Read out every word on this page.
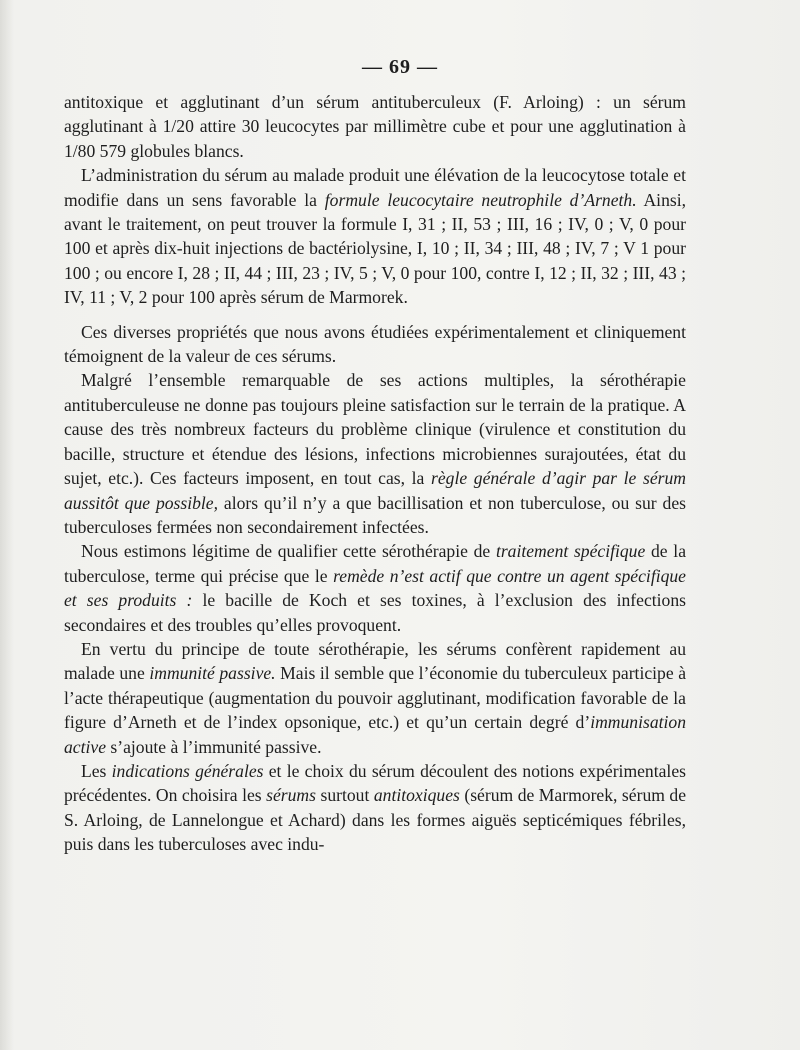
— 69 —

antitoxique et agglutinant d’un sérum antituberculeux (F. Arloing) : un sérum agglutinant à 1/20 attire 30 leucocytes par millimètre cube et pour une agglutination à 1/80 579 globules blancs.

L’administration du sérum au malade produit une élévation de la leucocytose totale et modifie dans un sens favorable la formule leucocytaire neutrophile d’Arneth. Ainsi, avant le traitement, on peut trouver la formule I, 31 ; II, 53 ; III, 16 ; IV, 0 ; V, 0 pour 100 et après dix-huit injections de bactériolysine, I, 10 ; II, 34 ; III, 48 ; IV, 7 ; V 1 pour 100 ; ou encore I, 28 ; II, 44 ; III, 23 ; IV, 5 ; V, 0 pour 100, contre I, 12 ; II, 32 ; III, 43 ; IV, 11 ; V, 2 pour 100 après sérum de Marmorek.

Ces diverses propriétés que nous avons étudiées expérimentalement et cliniquement témoignent de la valeur de ces sérums.

Malgré l’ensemble remarquable de ses actions multiples, la sérothérapie antituberculeuse ne donne pas toujours pleine satisfaction sur le terrain de la pratique. A cause des très nombreux facteurs du problème clinique (virulence et constitution du bacille, structure et étendue des lésions, infections microbiennes surajoutées, état du sujet, etc.). Ces facteurs imposent, en tout cas, la règle générale d’agir par le sérum aussitôt que possible, alors qu’il n’y a que bacillisation et non tuberculose, ou sur des tuberculoses fermées non secondairement infectées.

Nous estimons légitime de qualifier cette sérothérapie de traitement spécifique de la tuberculose, terme qui précise que le remède n’est actif que contre un agent spécifique et ses produits : le bacille de Koch et ses toxines, à l’exclusion des infections secondaires et des troubles qu’elles provoquent.

En vertu du principe de toute sérothérapie, les sérums confèrent rapidement au malade une immunité passive. Mais il semble que l’économie du tuberculeux participe à l’acte thérapeutique (augmentation du pouvoir agglutinant, modification favorable de la figure d’Arneth et de l’index opsonique, etc.) et qu’un certain degré d’immunisation active s’ajoute à l’immunité passive.

Les indications générales et le choix du sérum découlent des notions expérimentales précédentes. On choisira les sérums surtout antitoxiques (sérum de Marmorek, sérum de S. Arloing, de Lannelongue et Achard) dans les formes aiguës septicémiques fébriles, puis dans les tuberculoses avec indu-
